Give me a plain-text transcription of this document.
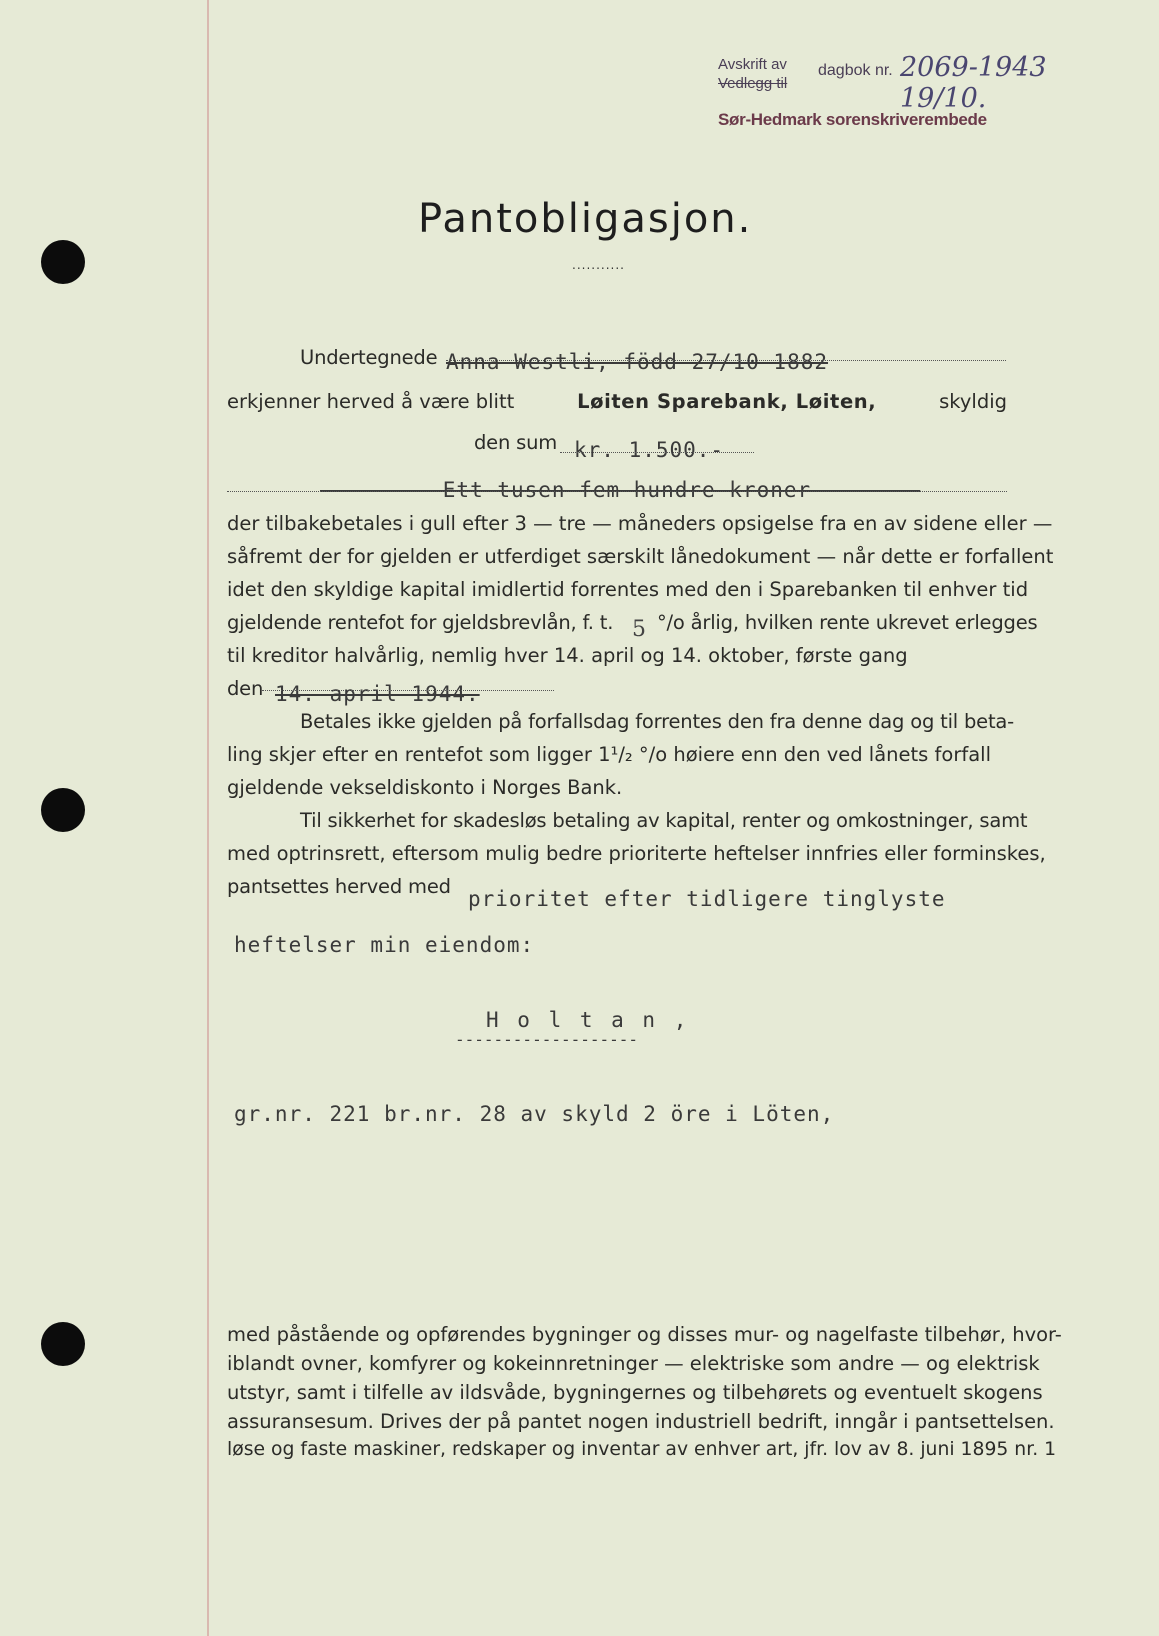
Avskrift av
Vedlegg til
dagbok nr. 2069-1943 19/10.
Sør-Hedmark sorenskriverembede
Pantobligasjon.
...........
Undertegnede Anna Westli, född 27/10-1882
erkjenner herved å være blitt	Løiten Sparebank, Løiten,	skyldig
den sum kr. 1.500.-
-------- Ett tusen fem hundre kroner -------
der tilbakebetales i gull efter 3 — tre — måneders opsigelse fra en av sidene eller —
såfremt der for gjelden er utferdiget særskilt lånedokument — når dette er forfallent
idet den skyldige kapital imidlertid forrentes med den i Sparebanken til enhver tid
gjeldende rentefot for gjeldsbrevlån, f. t. 5 °/o årlig, hvilken rente ukrevet erlegges
til kreditor halvårlig, nemlig hver 14. april og 14. oktober, første gang
den 14. april 1944.
Betales ikke gjelden på forfallsdag forrentes den fra denne dag og til beta-
ling skjer efter en rentefot som ligger 1¹/₂ °/o høiere enn den ved lånets forfall
gjeldende vekseldiskonto i Norges Bank.
Til sikkerhet for skadesløs betaling av kapital, renter og omkostninger, samt
med optrinsrett, eftersom mulig bedre prioriterte heftelser innfries eller forminskes,
pantsettes herved med
prioritet efter tidligere tinglyste
heftelser min eiendom:
H o l t a n ,
-------------------
gr.nr. 221 br.nr. 28 av skyld 2 öre i Löten,
med påstående og opførendes bygninger og disses mur- og nagelfaste tilbehør, hvor-
iblandt ovner, komfyrer og kokeinnretninger — elektriske som andre — og elektrisk
utstyr, samt i tilfelle av ildsvåde, bygningernes og tilbehørets og eventuelt skogens
assuransesum. Drives der på pantet nogen industriell bedrift, inngår i pantsettelsen.
løse og faste maskiner, redskaper og inventar av enhver art, jfr. lov av 8. juni 1895 nr. 1
